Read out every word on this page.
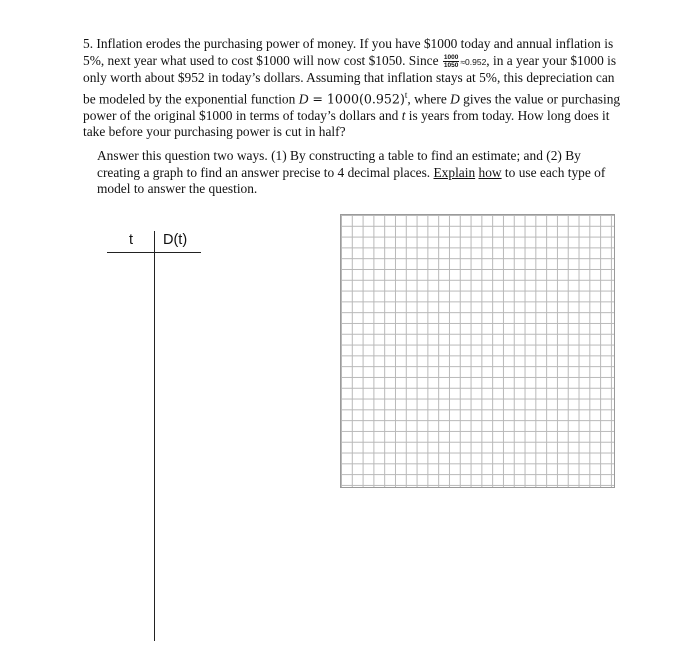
5. Inflation erodes the purchasing power of money. If you have $1000 today and annual inflation is 5%, next year what used to cost $1000 will now cost $1050. Since $\frac{1000}{1050} \approx 0.952$, in a year your $1000 is only worth about $952 in today’s dollars. Assuming that inflation stays at 5%, this depreciation can be modeled by the exponential function $D = 1000(0.952)^t$, where D gives the value or purchasing power of the original $1000 in terms of today’s dollars and t is years from today. How long does it take before your purchasing power is cut in half?

Answer this question two ways. (1) By constructing a table to find an estimate; and (2) By creating a graph to find an answer precise to 4 decimal places. Explain how to use each type of model to answer the question.

t D(t)
